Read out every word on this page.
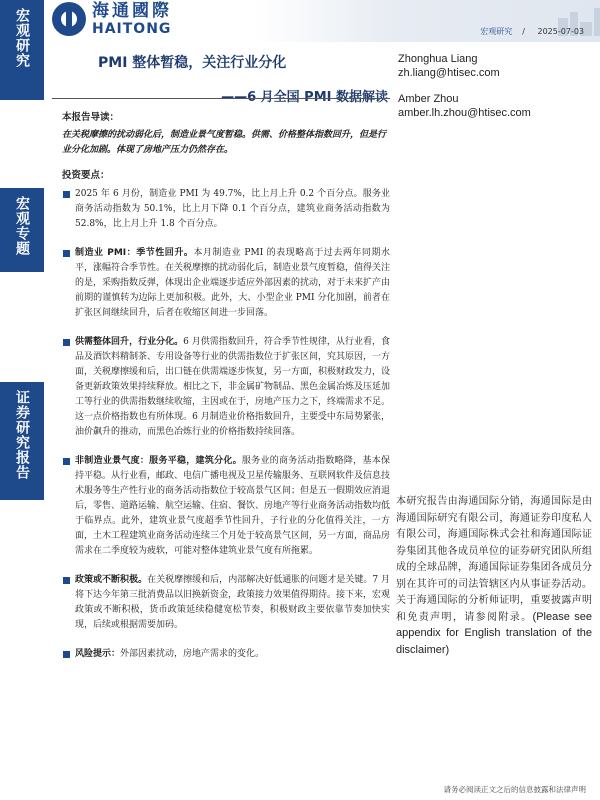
宏观研究
宏观专题
证券研究报告
海通國際
HAITONG	宏观研究 / 2025-07-03
PMI 整体暂稳，关注行业分化
——6 月全国 PMI 数据解读
Zhonghua Liang
zh.liang@htisec.com
Amber Zhou
amber.lh.zhou@htisec.com
本报告导读：
在关税摩擦的扰动弱化后，制造业景气度暂稳。供需、价格整体指数回升，但是行业分化加剧。体现了房地产压力仍然存在。
投资要点：
2025 年 6 月份，制造业 PMI 为 49.7%，比上月上升 0.2 个百分点。服务业商务活动指数为 50.1%，比上月下降 0.1 个百分点，建筑业商务活动指数为 52.8%，比上月上升 1.8 个百分点。
制造业 PMI：季节性回升。本月制造业 PMI 的表现略高于过去两年同期水平，涨幅符合季节性。在关税摩擦的扰动弱化后，制造业景气度暂稳，值得关注的是，采购指数反弹，体现出企业端逐步适应外部因素的扰动，对于未来扩产由前期的谨慎转为边际上更加积极。此外，大、小型企业 PMI 分化加剧，前者在扩张区间继续回升，后者在收缩区间进一步回落。
供需整体回升，行业分化。6 月供需指数回升，符合季节性规律，从行业看，食品及酒饮料精制茶、专用设备等行业的供需指数位于扩张区间，究其原因，一方面，关税摩擦缓和后，出口链在供需端逐步恢复，另一方面，积极财政发力，设备更新政策效果持续释放。相比之下，非金属矿物制品、黑色金属冶炼及压延加工等行业的供需指数继续收缩，主因或在于，房地产压力之下，终端需求不足。这一点价格指数也有所体现。6 月制造业价格指数回升，主要受中东局势紧张，油价飙升的推动，而黑色冶炼行业的价格指数持续回落。
非制造业景气度：服务平稳，建筑分化。服务业的商务活动指数略降，基本保持平稳。从行业看，邮政、电信广播电视及卫星传输服务、互联网软件及信息技术服务等生产性行业的商务活动指数位于较高景气区间；但是五一假期效应消退后，零售、道路运输、航空运输、住宿、餐饮、房地产等行业商务活动指数均低于临界点。此外，建筑业景气度超季节性回升，子行业的分化值得关注，一方面，土木工程建筑业商务活动连续三个月处于较高景气区间，另一方面，商品房需求在二季度较为疲软，可能对整体建筑业景气度有所拖累。
政策或不断积极。在关税摩擦缓和后，内部解决好低通胀的问题才是关键。7 月将下达今年第三批消费品以旧换新资金，政策接力效果值得期待。接下来，宏观政策或不断积极，货币政策延续稳健宽松节奏，积极财政主要依靠节奏加快实现，后续或根据需要加码。
风险提示：外部因素扰动，房地产需求的变化。
本研究报告由海通国际分销，海通国际是由海通国际研究有限公司，海通证券印度私人有限公司，海通国际株式会社和海通国际证券集团其他各成员单位的证券研究团队所组成的全球品牌，海通国际证券集团各成员分别在其许可的司法管辖区内从事证券活动。关于海通国际的分析师证明，重要披露声明和免责声明，请参阅附录。(Please see appendix for English translation of the disclaimer)
请务必阅读正文之后的信息披露和法律声明
